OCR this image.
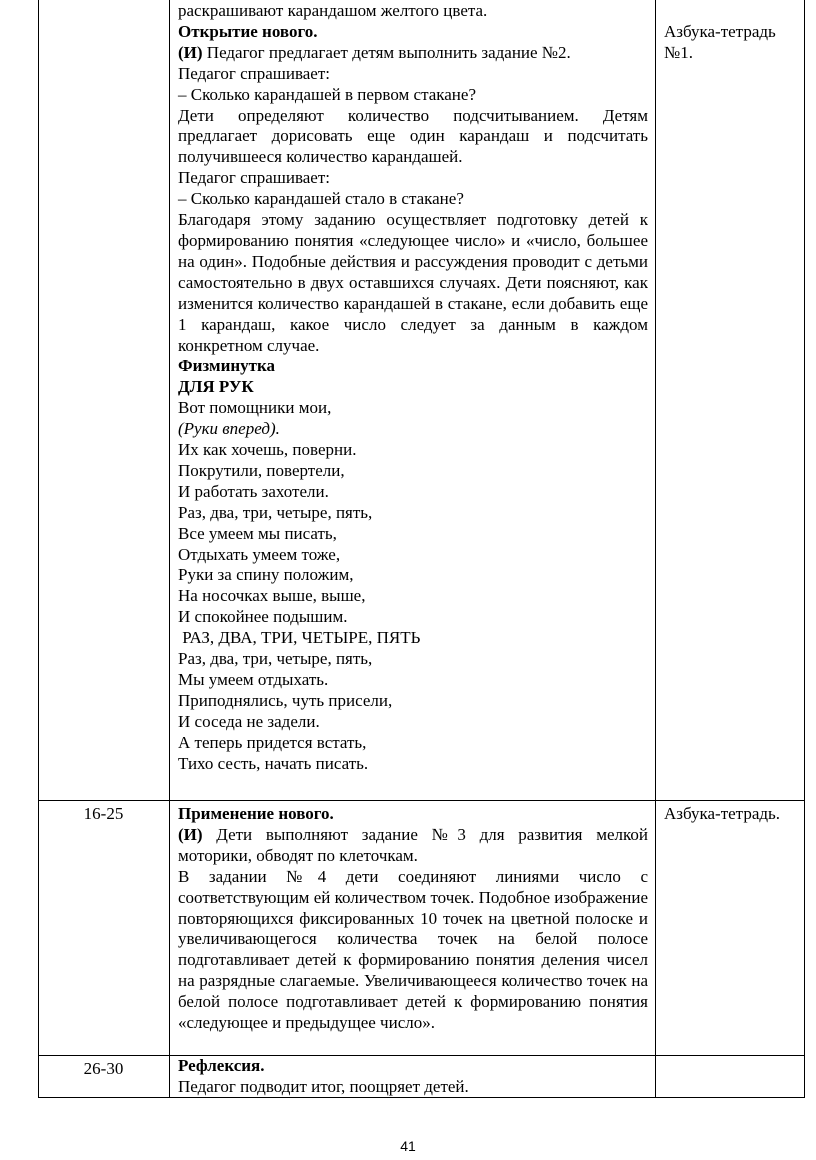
раскрашивают карандашом желтого цвета.

Открытие нового.

(И) Педагог предлагает детям выполнить задание №2.

Педагог спрашивает:

– Сколько карандашей в первом стакане?

Дети определяют количество подсчитыванием. Детям предлагает дорисовать еще один карандаш и подсчитать получившееся количество карандашей.

Педагог спрашивает:

– Сколько карандашей стало в стакане?

Благодаря этому заданию осуществляет подготовку детей к формированию понятия «следующее число» и «число, большее на один». Подобные действия и рассуждения проводит с детьми самостоятельно в двух оставшихся случаях. Дети поясняют, как изменится количество карандашей в стакане, если добавить еще 1 карандаш, какое число следует за данным в каждом конкретном случае.

Физминутка

ДЛЯ РУК

Вот помощники мои,

(Руки вперед).

Их как хочешь, поверни.

Покрутили, повертели,

И работать захотели.

Раз, два, три, четыре, пять,

Все умеем мы писать,

Отдыхать умеем тоже,

Руки за спину положим,

На носочках выше, выше,

И спокойнее подышим.

РАЗ, ДВА, ТРИ, ЧЕТЫРЕ, ПЯТЬ

Раз, два, три, четыре, пять,

Мы умеем отдыхать.

Приподнялись, чуть присели,

И соседа не задели.

А теперь придется встать,

Тихо сесть, начать писать.

Азбука-тетрадь №1.
16-25	Применение нового.

(И) Дети выполняют задание №3 для развития мелкой моторики, обводят по клеточкам.

В задании №4 дети соединяют линиями число с соответствующим ей количеством точек. Подобное изображение повторяющихся фиксированных 10 точек на цветной полоске и увеличивающегося количества точек на белой полосе подготавливает детей к формированию понятия деления чисел на разрядные слагаемые. Увеличивающееся количество точек на белой полосе подготавливает детей к формированию понятия

«следующее и предыдущее число».

Азбука-тетрадь.
26-30	Рефлексия.

Педагог подводит итог, поощряет детей.

41
